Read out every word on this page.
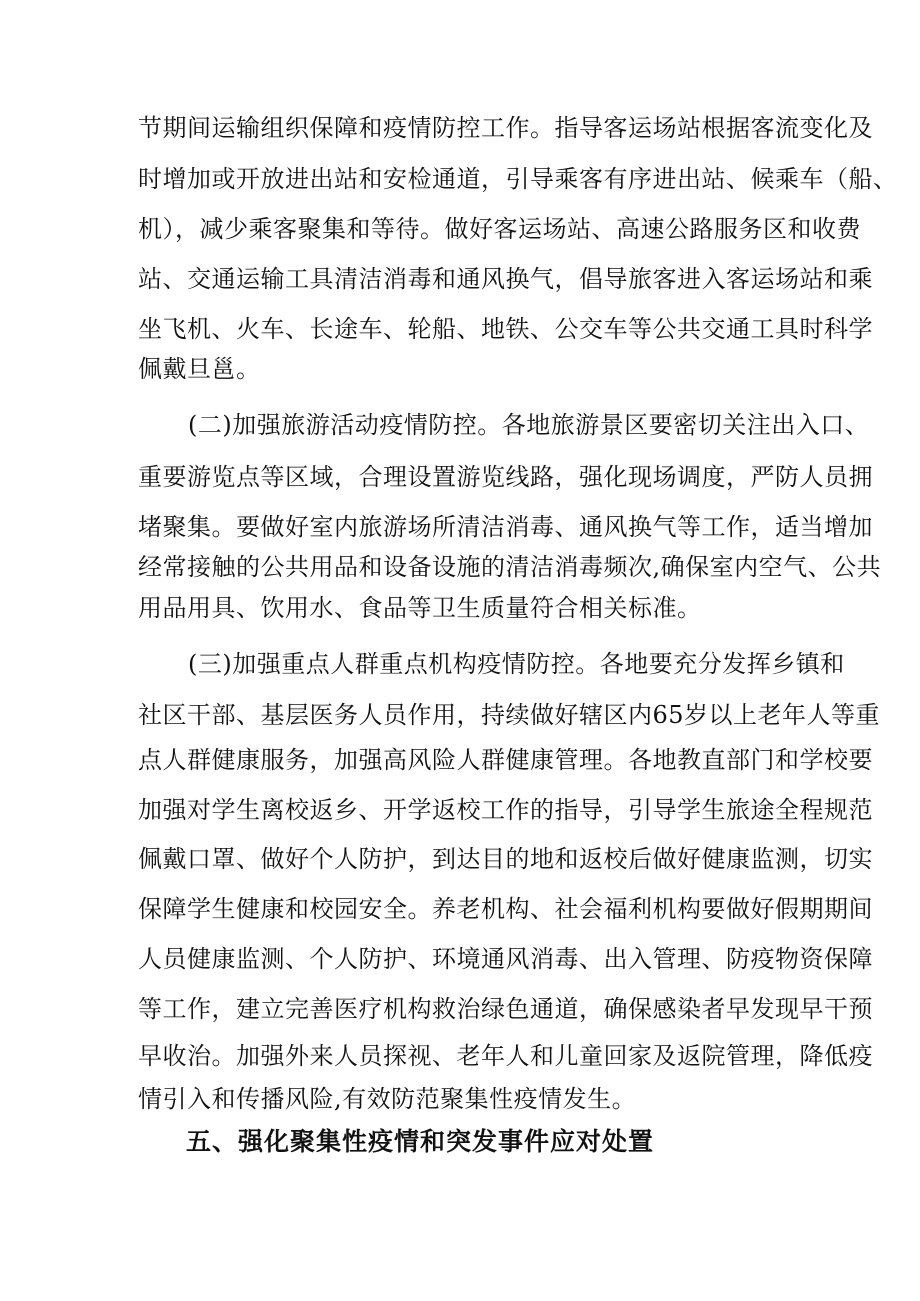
节期间运输组织保障和疫情防控工作。指导客运场站根据客流变化及

时增加或开放进出站和安检通道，引导乘客有序进出站、候乘车（船、

机），减少乘客聚集和等待。做好客运场站、高速公路服务区和收费

站、交通运输工具清洁消毒和通风换气，倡导旅客进入客运场站和乘

坐飞机、火车、长途车、轮船、地铁、公交车等公共交通工具时科学

佩戴旦邕。

(二)加强旅游活动疫情防控。各地旅游景区要密切关注出入口、

重要游览点等区域，合理设置游览线路，强化现场调度，严防人员拥

堵聚集。要做好室内旅游场所清洁消毒、通风换气等工作，适当增加

经常接触的公共用品和设备设施的清洁消毒频次,确保室内空气、公共

用品用具、饮用水、食品等卫生质量符合相关标准。

(三)加强重点人群重点机构疫情防控。各地要充分发挥乡镇和

社区干部、基层医务人员作用，持续做好辖区内65岁以上老年人等重

点人群健康服务，加强高风险人群健康管理。各地教直部门和学校要

加强对学生离校返乡、开学返校工作的指导，引导学生旅途全程规范

佩戴口罩、做好个人防护，到达目的地和返校后做好健康监测，切实

保障学生健康和校园安全。养老机构、社会福利机构要做好假期期间

人员健康监测、个人防护、环境通风消毒、出入管理、防疫物资保障

等工作，建立完善医疗机构救治绿色通道，确保感染者早发现早干预

早收治。加强外来人员探视、老年人和儿童回家及返院管理，降低疫

情引入和传播风险,有效防范聚集性疫情发生。

五、强化聚集性疫情和突发事件应对处置
